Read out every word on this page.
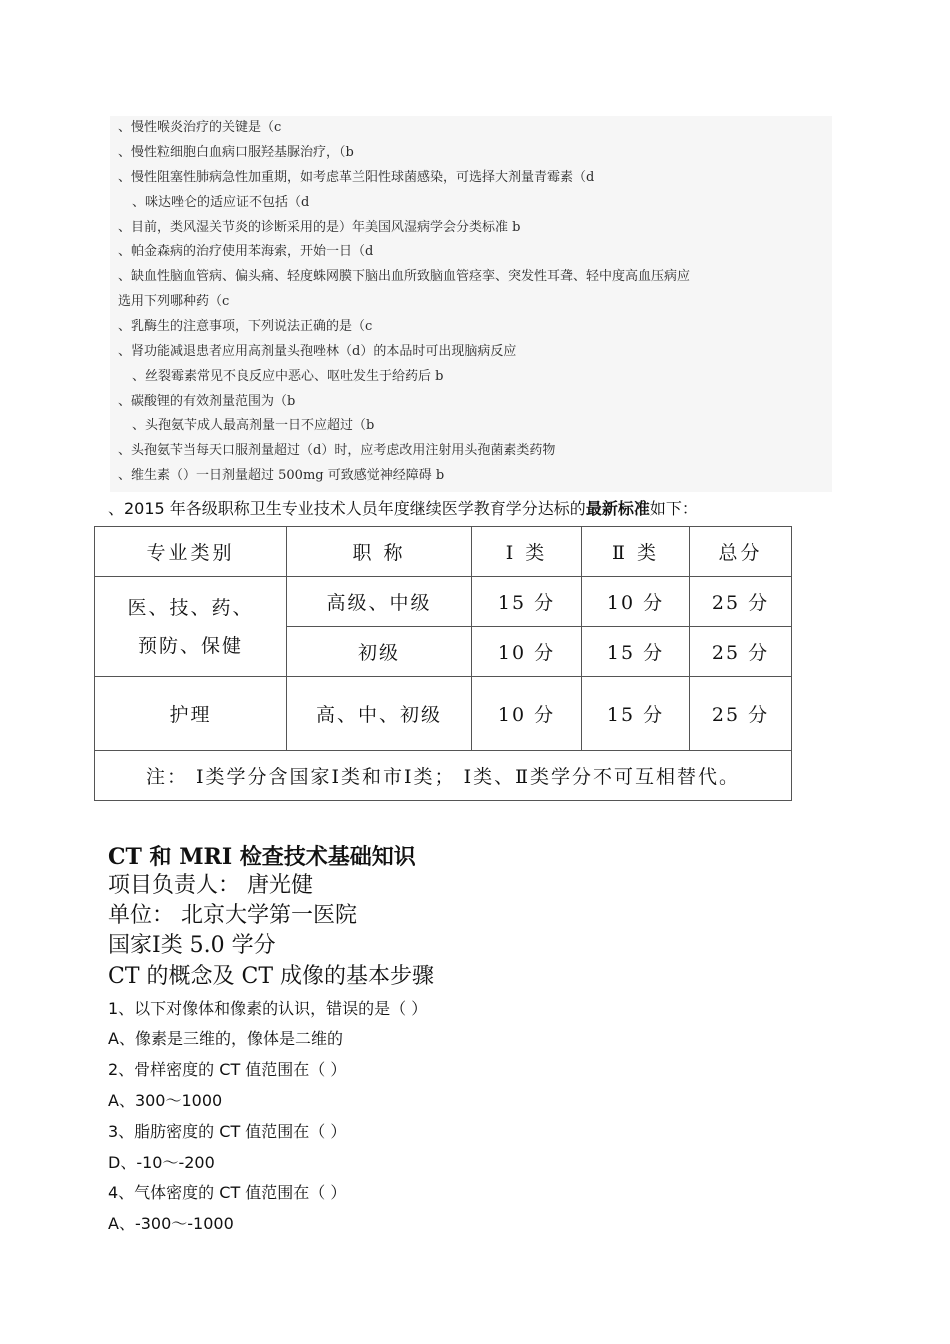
、慢性喉炎治疗的关键是（c
、慢性粒细胞白血病口服羟基脲治疗，（b
、慢性阻塞性肺病急性加重期，如考虑革兰阳性球菌感染，可选择大剂量青霉素（d
、咪达唑仑的适应证不包括（d
、目前，类风湿关节炎的诊断采用的是）年美国风湿病学会分类标准 b
、帕金森病的治疗使用苯海索，开始一日（d
、缺血性脑血管病、偏头痛、轻度蛛网膜下脑出血所致脑血管痉挛、突发性耳聋、轻中度高血压病应
选用下列哪种药（c
、乳酶生的注意事项，下列说法正确的是（c
、肾功能减退患者应用高剂量头孢唑林（d）的本品时可出现脑病反应
、丝裂霉素常见不良反应中恶心、呕吐发生于给药后 b
、碳酸锂的有效剂量范围为（b
、头孢氨苄成人最高剂量一日不应超过（b
、头孢氨苄当每天口服剂量超过（d）时，应考虑改用注射用头孢菌素类药物
、维生素（）一日剂量超过 500mg 可致感觉神经障碍 b
、2015 年各级职称卫生专业技术人员年度继续医学教育学分达标的最新标准如下：
专业类别	职 称	Ⅰ 类	Ⅱ 类	总分
医、技、药、预防、保健	高级、中级	15 分	10 分	25 分
	初级	10 分	15 分	25 分
护理	高、中、初级	10 分	15 分	25 分
注： Ⅰ类学分含国家Ⅰ类和市Ⅰ类； Ⅰ类、Ⅱ类学分不可互相替代。				
CT 和 MRI 检查技术基础知识
项目负责人： 唐光健
单位： 北京大学第一医院
国家Ⅰ类 5.0 学分
CT 的概念及 CT 成像的基本步骤
1、以下对像体和像素的认识，错误的是（ ）
A、像素是三维的，像体是二维的
2、骨样密度的 CT 值范围在（ ）
A、300～1000
3、脂肪密度的 CT 值范围在（ ）
D、-10～-200
4、气体密度的 CT 值范围在（ ）
A、-300～-1000
